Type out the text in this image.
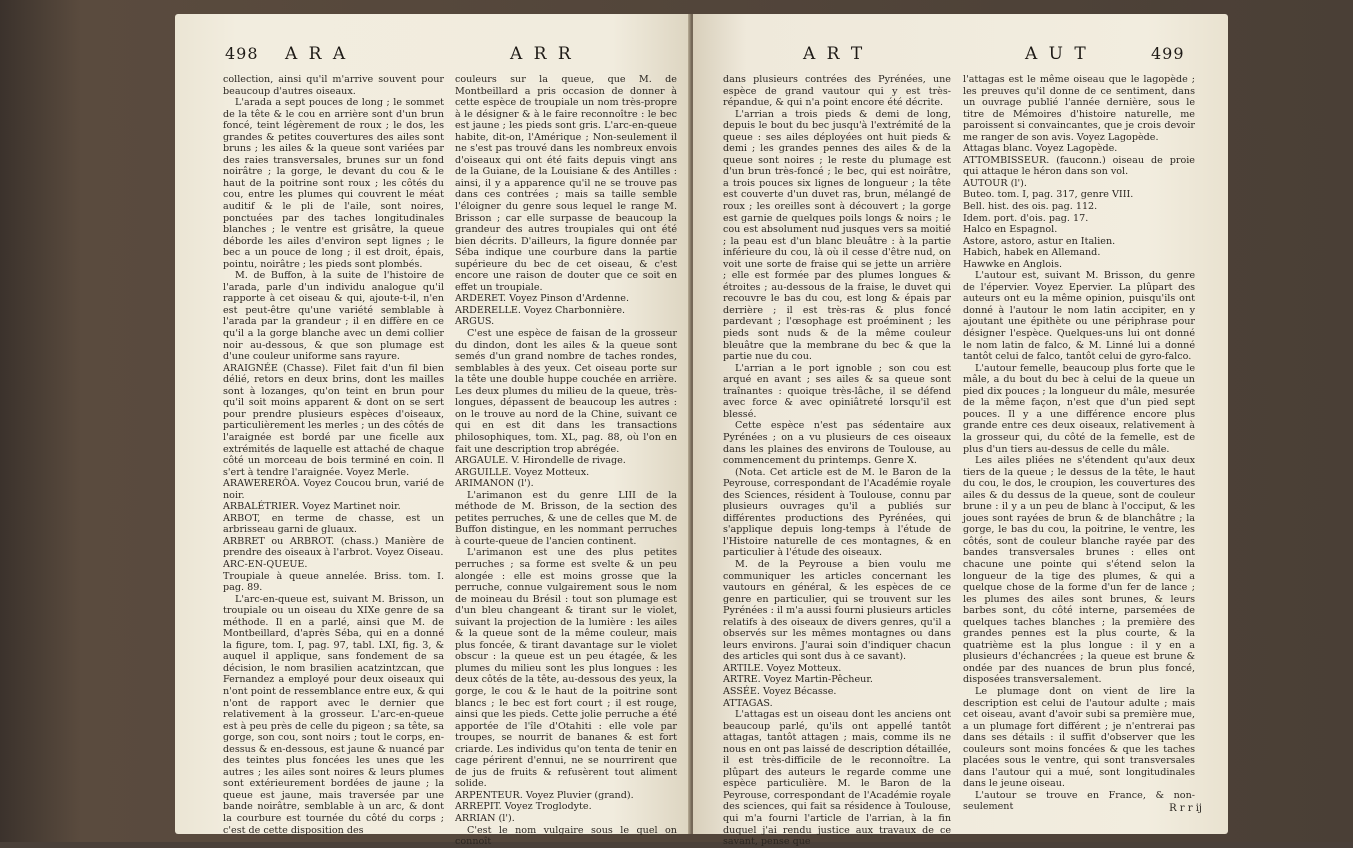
498 A R A	A R R

collection, ainsi qu'il m'arrive souvent pour beaucoup d'autres oiseaux.

L'arada a sept pouces de long ; le sommet de la tête & le cou en arrière sont d'un brun foncé, teint légèrement de roux ; le dos, les grandes & petites couvertures des ailes sont bruns ; les ailes & la queue sont variées par des raies transversales, brunes sur un fond noirâtre ; la gorge, le devant du cou & le haut de la poitrine sont roux ; les côtés du cou, entre les plumes qui couvrent le méat auditif & le pli de l'aile, sont noires, ponctuées par des taches longitudinales blanches ; le ventre est grisâtre, la queue déborde les ailes d'environ sept lignes ; le bec a un pouce de long ; il est droit, épais, pointu, noirâtre ; les pieds sont plombés.

M. de Buffon, à la suite de l'histoire de l'arada, parle d'un individu analogue qu'il rapporte à cet oiseau & qui, ajoute-t-il, n'en est peut-être qu'une variété semblable à l'arada par la grandeur ; il en diffère en ce qu'il a la gorge blanche avec un demi collier noir au-dessous, & que son plumage est d'une couleur uniforme sans rayure.

ARAIGNÉE (Chasse). Filet fait d'un fil bien délié, retors en deux brins, dont les mailles sont à lozanges, qu'on teint en brun pour qu'il soit moins apparent & dont on se sert pour prendre plusieurs espèces d'oiseaux, particulièrement les merles ; un des côtés de l'araignée est bordé par une ficelle aux extrémités de laquelle est attaché de chaque côté un morceau de bois terminé en coin. Il s'ert à tendre l'araignée. Voyez Merle.

ARAWERERÒA. Voyez Coucou brun, varié de noir.

ARBALÉTRIER. Voyez Martinet noir.

ARBOT, en terme de chasse, est un arbrisseau garni de gluaux.

ARBRET ou ARBROT. (chass.) Manière de prendre des oiseaux à l'arbrot. Voyez Oiseau.

ARC-EN-QUEUE.

Troupiale à queue annelée. Briss. tom. I. pag. 89.

L'arc-en-queue est, suivant M. Brisson, un troupiale ou un oiseau du XIXe genre de sa méthode. Il en a parlé, ainsi que M. de Montbeillard, d'après Séba, qui en a donné la figure, tom. I, pag. 97, tabl. LXI, fig. 3, & auquel il applique, sans fondement de sa décision, le nom brasilien acatzintzcan, que Fernandez a employé pour deux oiseaux qui n'ont point de ressemblance entre eux, & qui n'ont de rapport avec le dernier que relativement à la grosseur. L'arc-en-queue est à peu près de celle du pigeon ; sa tête, sa gorge, son cou, sont noirs ; tout le corps, en-dessus & en-dessous, est jaune & nuancé par des teintes plus foncées les unes que les autres ; les ailes sont noires & leurs plumes sont extérieurement bordées de jaune ; la queue est jaune, mais traversée par une bande noirâtre, semblable à un arc, & dont la courbure est tournée du côté du corps ; c'est de cette disposition des

couleurs sur la queue, que M. de Montbeillard a pris occasion de donner à cette espèce de troupiale un nom très-propre à le désigner & à le faire reconnoître : le bec est jaune ; les pieds sont gris. L'arc-en-queue habite, dit-on, l'Amérique ; Non-seulement il ne s'est pas trouvé dans les nombreux envois d'oiseaux qui ont été faits depuis vingt ans de la Guiane, de la Louisiane & des Antilles : ainsi, il y a apparence qu'il ne se trouve pas dans ces contrées ; mais sa taille semble l'éloigner du genre sous lequel le range M. Brisson ; car elle surpasse de beaucoup la grandeur des autres troupiales qui ont été bien décrits. D'ailleurs, la figure donnée par Séba indique une courbure dans la partie supérieure du bec de cet oiseau, & c'est encore une raison de douter que ce soit en effet un troupiale.

ARDERET. Voyez Pinson d'Ardenne.

ARDERELLE. Voyez Charbonnière.

ARGUS.

C'est une espèce de faisan de la grosseur du dindon, dont les ailes & la queue sont semés d'un grand nombre de taches rondes, semblables à des yeux. Cet oiseau porte sur la tête une double huppe couchée en arrière. Les deux plumes du milieu de la queue, très-longues, dépassent de beaucoup les autres : on le trouve au nord de la Chine, suivant ce qui en est dit dans les transactions philosophiques, tom. XL, pag. 88, où l'on en fait une description trop abrégée.

ARGAULE. V. Hirondelle de rivage.

ARGUILLE. Voyez Motteux.

ARIMANON (l').

L'arimanon est du genre LIII de la méthode de M. Brisson, de la section des petites perruches, & une de celles que M. de Buffon distingue, en les nommant perruches à courte-queue de l'ancien continent.

L'arimanon est une des plus petites perruches ; sa forme est svelte & un peu alongée : elle est moins grosse que la perruche, connue vulgairement sous le nom de moineau du Brésil : tout son plumage est d'un bleu changeant & tirant sur le violet, suivant la projection de la lumière : les ailes & la queue sont de la même couleur, mais plus foncée, & tirant davantage sur le violet obscur : la queue est un peu étagée, & les plumes du milieu sont les plus longues : les deux côtés de la tête, au-dessous des yeux, la gorge, le cou & le haut de la poitrine sont blancs ; le bec est fort court ; il est rouge, ainsi que les pieds. Cette jolie perruche a été apportée de l'île d'Otahiti : elle vole par troupes, se nourrit de bananes & est fort criarde. Les individus qu'on tenta de tenir en cage périrent d'ennui, ne se nourrirent que de jus de fruits & refusèrent tout aliment solide.

ARPENTEUR. Voyez Pluvier (grand).

ARREPIT. Voyez Troglodyte.

ARRIAN (l').

C'est le nom vulgaire sous le quel on connoît

A R T	A U T	499

dans plusieurs contrées des Pyrénées, une espèce de grand vautour qui y est très-répandue, & qui n'a point encore été décrite.

L'arrian a trois pieds & demi de long, depuis le bout du bec jusqu'à l'extrémité de la queue : ses ailes déployées ont huit pieds & demi ; les grandes pennes des ailes & de la queue sont noires ; le reste du plumage est d'un brun très-foncé ; le bec, qui est noirâtre, a trois pouces six lignes de longueur ; la tête est couverte d'un duvet ras, brun, mélangé de roux ; les oreilles sont à découvert ; la gorge est garnie de quelques poils longs & noirs ; le cou est absolument nud jusques vers sa moitié ; la peau est d'un blanc bleuâtre : à la partie inférieure du cou, là où il cesse d'être nud, on voit une sorte de fraise qui se jette un arrière ; elle est formée par des plumes longues & étroites ; au-dessous de la fraise, le duvet qui recouvre le bas du cou, est long & épais par derrière ; il est très-ras & plus foncé pardevant ; l'œsophage est proéminent ; les pieds sont nuds & de la même couleur bleuâtre que la membrane du bec & que la partie nue du cou.

L'arrian a le port ignoble ; son cou est arqué en avant ; ses ailes & sa queue sont traînantes : quoique très-lâche, il se défend avec force & avec opiniâtreté lorsqu'il est blessé.

Cette espèce n'est pas sédentaire aux Pyrénées ; on a vu plusieurs de ces oiseaux dans les plaines des environs de Toulouse, au commencement du printemps. Genre X.

(Nota. Cet article est de M. le Baron de la Peyrouse, correspondant de l'Académie royale des Sciences, résident à Toulouse, connu par plusieurs ouvrages qu'il a publiés sur différentes productions des Pyrénées, qui s'applique depuis long-temps à l'étude de l'Histoire naturelle de ces montagnes, & en particulier à l'étude des oiseaux.

M. de la Peyrouse a bien voulu me communiquer les articles concernant les vautours en général, & les espèces de ce genre en particulier, qui se trouvent sur les Pyrénées : il m'a aussi fourni plusieurs articles relatifs à des oiseaux de divers genres, qu'il a observés sur les mêmes montagnes ou dans leurs environs. J'aurai soin d'indiquer chacun des articles qui sont dus à ce savant).

ARTILE. Voyez Motteux.

ARTRE. Voyez Martin-Pêcheur.

ASSÉE. Voyez Bécasse.

ATTAGAS.

L'attagas est un oiseau dont les anciens ont beaucoup parlé, qu'ils ont appellé tantôt attagas, tantôt attagen ; mais, comme ils ne nous en ont pas laissé de description détaillée, il est très-difficile de le reconnoître. La plûpart des auteurs le regarde comme une espèce particulière. M. le Baron de la Peyrouse, correspondant de l'Académie royale des sciences, qui fait sa résidence à Toulouse, qui m'a fourni l'article de l'arrian, à la fin duquel j'ai rendu justice aux travaux de ce savant, pense que

l'attagas est le même oiseau que le lagopède ; les preuves qu'il donne de ce sentiment, dans un ouvrage publié l'année dernière, sous le titre de Mémoires d'histoire naturelle, me paroissent si convaincantes, que je crois devoir me ranger de son avis. Voyez Lagopède.

Attagas blanc. Voyez Lagopède.

ATTOMBISSEUR. (fauconn.) oiseau de proie qui attaque le héron dans son vol.

AUTOUR (l').

Buteo. tom. I, pag. 317, genre VIII.

Bell. hist. des ois. pag. 112.

Idem. port. d'ois. pag. 17.

Halco en Espagnol.

Astore, astoro, astur en Italien.

Habich, habek en Allemand.

Hawwke en Anglois.

L'autour est, suivant M. Brisson, du genre de l'épervier. Voyez Epervier. La plûpart des auteurs ont eu la même opinion, puisqu'ils ont donné à l'autour le nom latin accipiter, en y ajoutant une épithète ou une périphrase pour désigner l'espèce. Quelques-uns lui ont donné le nom latin de falco, & M. Linné lui a donné tantôt celui de falco, tantôt celui de gyro-falco.

L'autour femelle, beaucoup plus forte que le mâle, a du bout du bec à celui de la queue un pied dix pouces ; la longueur du mâle, mesurée de la même façon, n'est que d'un pied sept pouces. Il y a une différence encore plus grande entre ces deux oiseaux, relativement à la grosseur qui, du côté de la femelle, est de plus d'un tiers au-dessus de celle du mâle.

Les ailes pliées ne s'étendent qu'aux deux tiers de la queue ; le dessus de la tête, le haut du cou, le dos, le croupion, les couvertures des ailes & du dessus de la queue, sont de couleur brune : il y a un peu de blanc à l'occiput, & les joues sont rayées de brun & de blanchâtre ; la gorge, le bas du cou, la poitrine, le ventre, les côtés, sont de couleur blanche rayée par des bandes transversales brunes : elles ont chacune une pointe qui s'étend selon la longueur de la tige des plumes, & qui a quelque chose de la forme d'un fer de lance ; les plumes des ailes sont brunes, & leurs barbes sont, du côté interne, parsemées de quelques taches blanches ; la première des grandes pennes est la plus courte, & la quatrième est la plus longue : il y en a plusieurs d'échancrées ; la queue est brune & ondée par des nuances de brun plus foncé, disposées transversalement.

Le plumage dont on vient de lire la description est celui de l'autour adulte ; mais cet oiseau, avant d'avoir subi sa première mue, a un plumage fort différent ; je n'entrerai pas dans ses détails : il suffit d'observer que les couleurs sont moins foncées & que les taches placées sous le ventre, qui sont transversales dans l'autour qui a mué, sont longitudinales dans le jeune oiseau.

L'autour se trouve en France, & non-seulement	R r r ij
